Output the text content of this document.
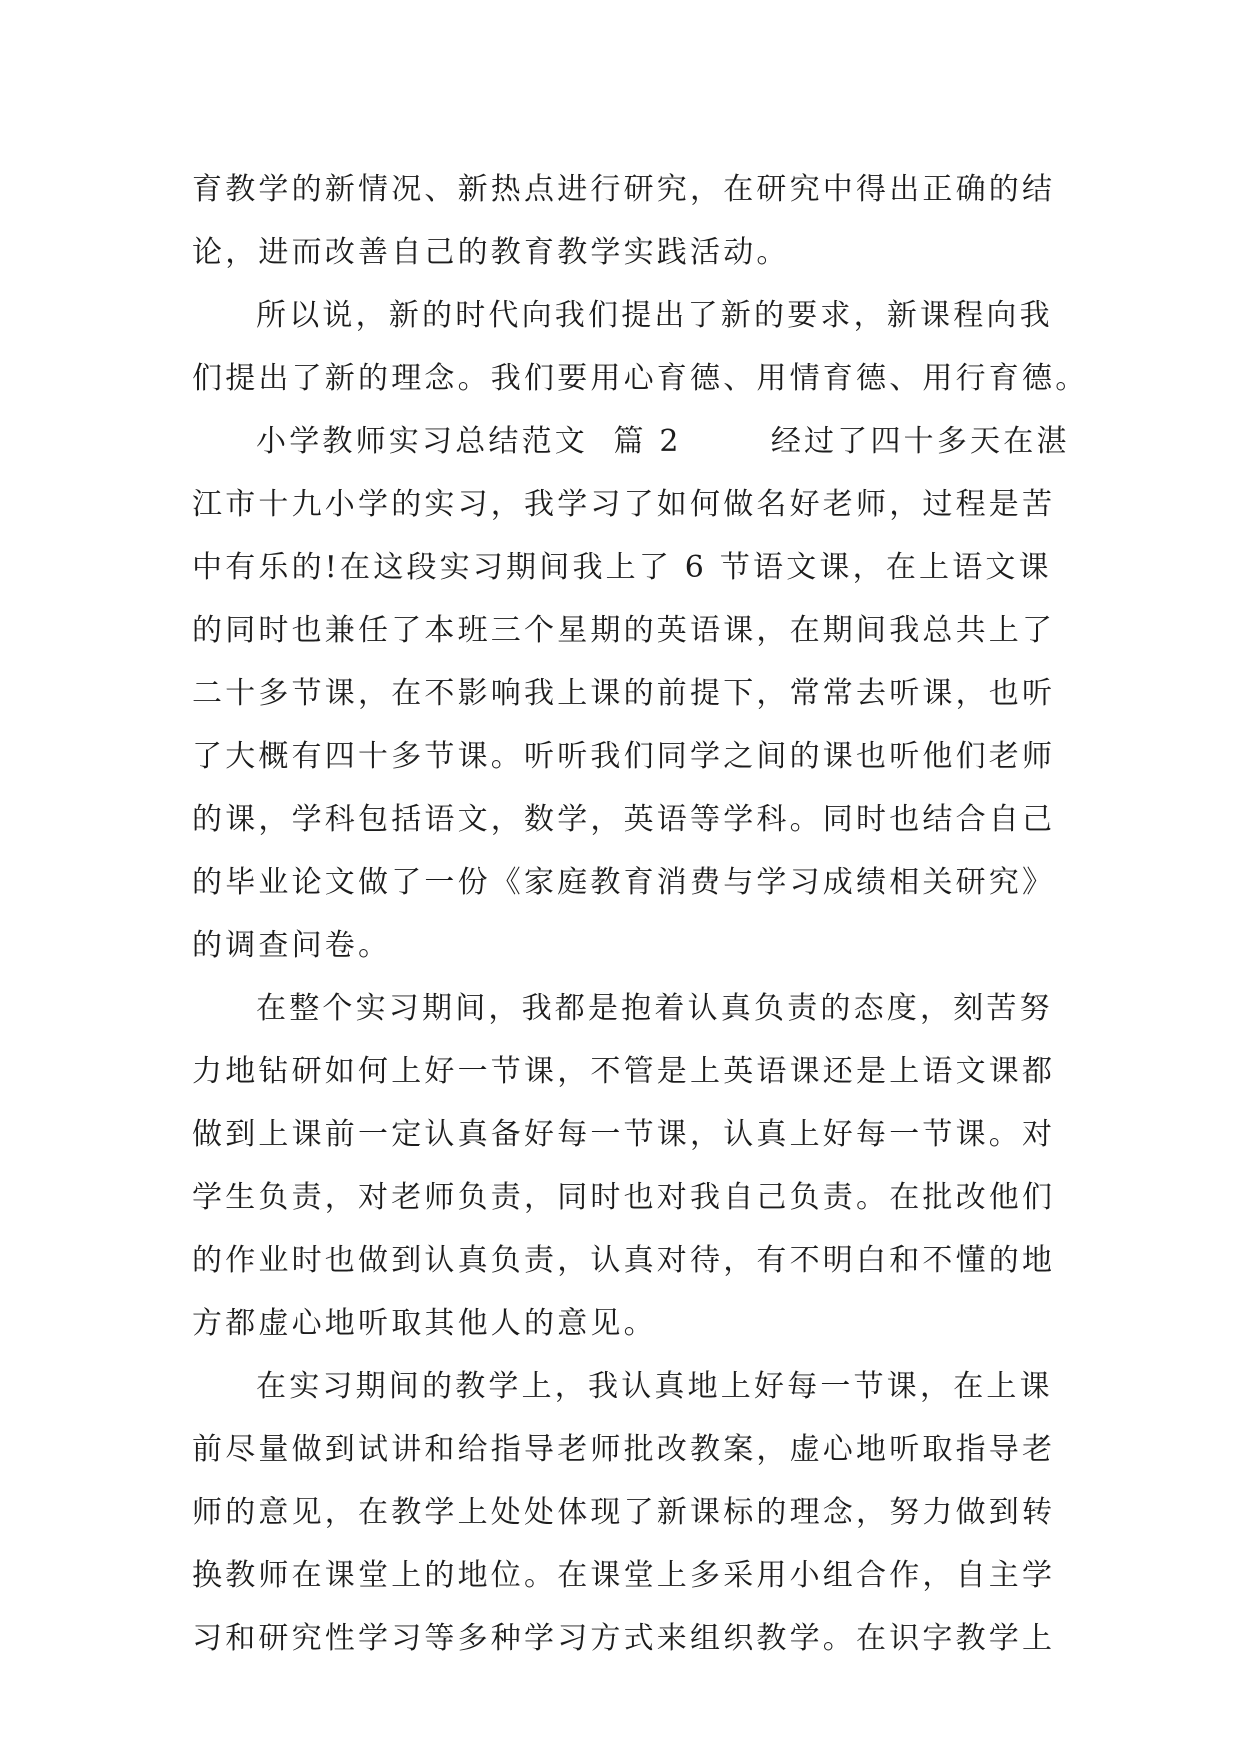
育教学的新情况、新热点进行研究，在研究中得出正确的结
论，进而改善自己的教育教学实践活动。
所以说，新的时代向我们提出了新的要求，新课程向我
们提出了新的理念。我们要用心育德、用情育德、用行育德。
小学教师实习总结范文  篇 2       经过了四十多天在湛
江市十九小学的实习，我学习了如何做名好老师，过程是苦
中有乐的!在这段实习期间我上了 6 节语文课，在上语文课
的同时也兼任了本班三个星期的英语课，在期间我总共上了
二十多节课，在不影响我上课的前提下，常常去听课，也听
了大概有四十多节课。听听我们同学之间的课也听他们老师
的课，学科包括语文，数学，英语等学科。同时也结合自己
的毕业论文做了一份《家庭教育消费与学习成绩相关研究》
的调查问卷。
在整个实习期间，我都是抱着认真负责的态度，刻苦努
力地钻研如何上好一节课，不管是上英语课还是上语文课都
做到上课前一定认真备好每一节课，认真上好每一节课。对
学生负责，对老师负责，同时也对我自己负责。在批改他们
的作业时也做到认真负责，认真对待，有不明白和不懂的地
方都虚心地听取其他人的意见。
在实习期间的教学上，我认真地上好每一节课，在上课
前尽量做到试讲和给指导老师批改教案，虚心地听取指导老
师的意见，在教学上处处体现了新课标的理念，努力做到转
换教师在课堂上的地位。在课堂上多采用小组合作，自主学
习和研究性学习等多种学习方式来组织教学。在识字教学上
